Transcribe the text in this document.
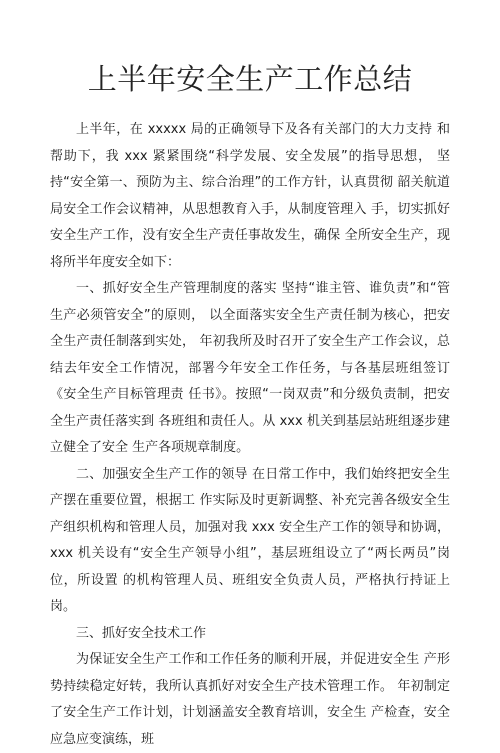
上半年安全生产工作总结

上半年，在 xxxxx 局的正确领导下及各有关部门的大力支持 和帮助下，我 xxx 紧紧围绕“科学发展、安全发展”的指导思想， 坚持“安全第一、预防为主、综合治理”的工作方针，认真贯彻 韶关航道局安全工作会议精神，从思想教育入手，从制度管理入 手，切实抓好安全生产工作，没有安全生产责任事故发生，确保 全所安全生产，现将所半年度安全如下：

一、抓好安全生产管理制度的落实 坚持“谁主管、谁负责”和“管生产必须管安全”的原则， 以全面落实安全生产责任制为核心，把安全生产责任制落到实处， 年初我所及时召开了安全生产工作会议，总结去年安全工作情况，部署今年安全工作任务，与各基层班组签订《安全生产目标管理责 任书》。按照“一岗双责”和分级负责制，把安全生产责任落实到 各班组和责任人。从 xxx 机关到基层站班组逐步建立健全了安全 生产各项规章制度。

二、加强安全生产工作的领导 在日常工作中，我们始终把安全生产摆在重要位置，根据工 作实际及时更新调整、补充完善各级安全生产组织机构和管理人员，加强对我 xxx 安全生产工作的领导和协调，xxx 机关设有“安全生产领导小组”，基层班组设立了“两长两员”岗位，所设置 的机构管理人员、班组安全负责人员，严格执行持证上岗。

三、抓好安全技术工作

为保证安全生产工作和工作任务的顺利开展，并促进安全生 产形势持续稳定好转，我所认真抓好对安全生产技术管理工作。 年初制定了安全生产工作计划，计划涵盖安全教育培训，安全生 产检查，安全应急应变演练，班
